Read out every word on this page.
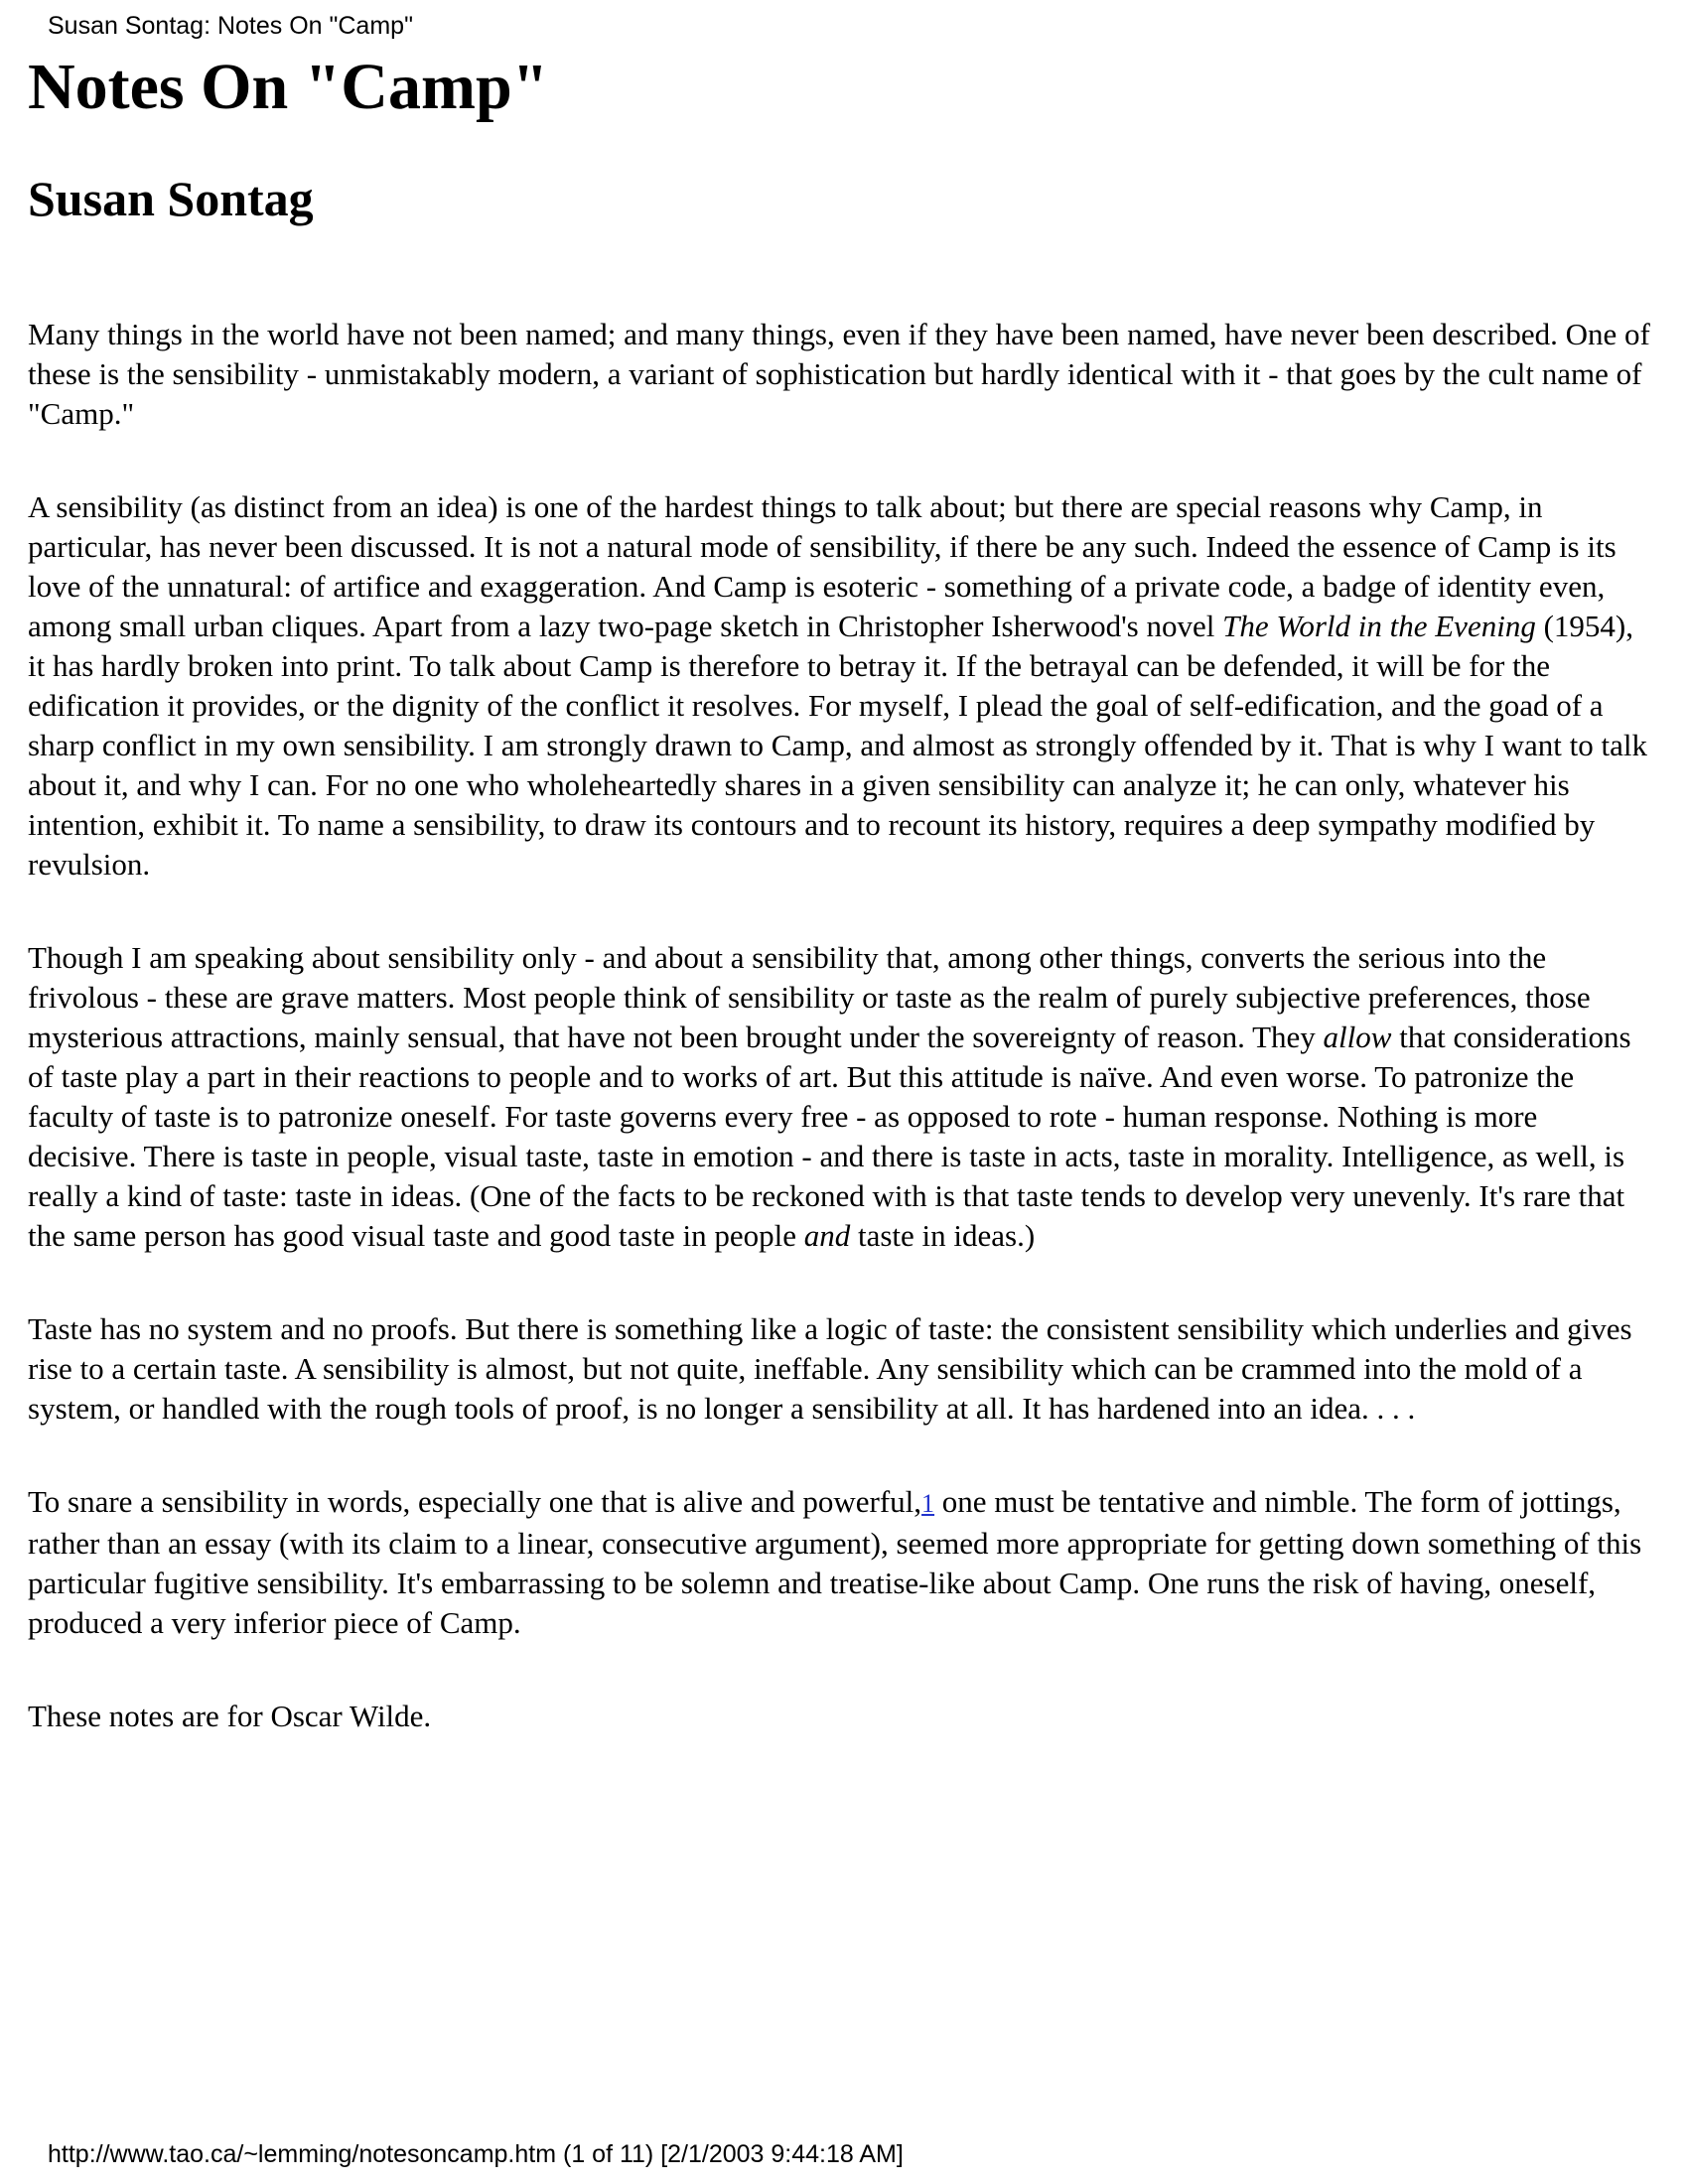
Susan Sontag: Notes On "Camp"
Notes On "Camp"
Susan Sontag

Many things in the world have not been named; and many things, even if they have been named, have never been described. One of these is the sensibility - unmistakably modern, a variant of sophistication but hardly identical with it - that goes by the cult name of "Camp."

A sensibility (as distinct from an idea) is one of the hardest things to talk about; but there are special reasons why Camp, in particular, has never been discussed. It is not a natural mode of sensibility, if there be any such. Indeed the essence of Camp is its love of the unnatural: of artifice and exaggeration. And Camp is esoteric - something of a private code, a badge of identity even, among small urban cliques. Apart from a lazy two-page sketch in Christopher Isherwood's novel The World in the Evening (1954), it has hardly broken into print. To talk about Camp is therefore to betray it. If the betrayal can be defended, it will be for the edification it provides, or the dignity of the conflict it resolves. For myself, I plead the goal of self-edification, and the goad of a sharp conflict in my own sensibility. I am strongly drawn to Camp, and almost as strongly offended by it. That is why I want to talk about it, and why I can. For no one who wholeheartedly shares in a given sensibility can analyze it; he can only, whatever his intention, exhibit it. To name a sensibility, to draw its contours and to recount its history, requires a deep sympathy modified by revulsion.

Though I am speaking about sensibility only - and about a sensibility that, among other things, converts the serious into the frivolous - these are grave matters. Most people think of sensibility or taste as the realm of purely subjective preferences, those mysterious attractions, mainly sensual, that have not been brought under the sovereignty of reason. They allow that considerations of taste play a part in their reactions to people and to works of art. But this attitude is naïve. And even worse. To patronize the faculty of taste is to patronize oneself. For taste governs every free - as opposed to rote - human response. Nothing is more decisive. There is taste in people, visual taste, taste in emotion - and there is taste in acts, taste in morality. Intelligence, as well, is really a kind of taste: taste in ideas. (One of the facts to be reckoned with is that taste tends to develop very unevenly. It's rare that the same person has good visual taste and good taste in people and taste in ideas.)

Taste has no system and no proofs. But there is something like a logic of taste: the consistent sensibility which underlies and gives rise to a certain taste. A sensibility is almost, but not quite, ineffable. Any sensibility which can be crammed into the mold of a system, or handled with the rough tools of proof, is no longer a sensibility at all. It has hardened into an idea. . . .

To snare a sensibility in words, especially one that is alive and powerful,1 one must be tentative and nimble. The form of jottings, rather than an essay (with its claim to a linear, consecutive argument), seemed more appropriate for getting down something of this particular fugitive sensibility. It's embarrassing to be solemn and treatise-like about Camp. One runs the risk of having, oneself, produced a very inferior piece of Camp.

These notes are for Oscar Wilde.

http://www.tao.ca/~lemming/notesoncamp.htm (1 of 11) [2/1/2003 9:44:18 AM]
